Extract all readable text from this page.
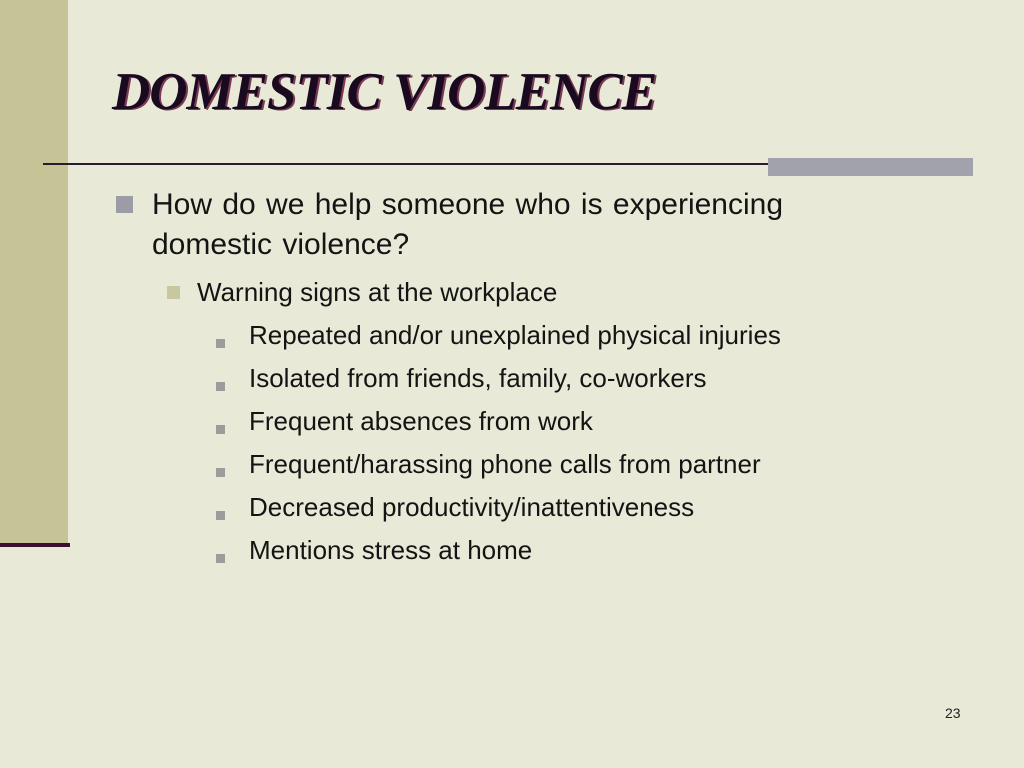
DOMESTIC VIOLENCE
How do we help someone who is experiencing domestic violence?
Warning signs at the workplace
Repeated and/or unexplained physical injuries
Isolated from friends, family, co-workers
Frequent absences from work
Frequent/harassing phone calls from partner
Decreased productivity/inattentiveness
Mentions stress at home
23
